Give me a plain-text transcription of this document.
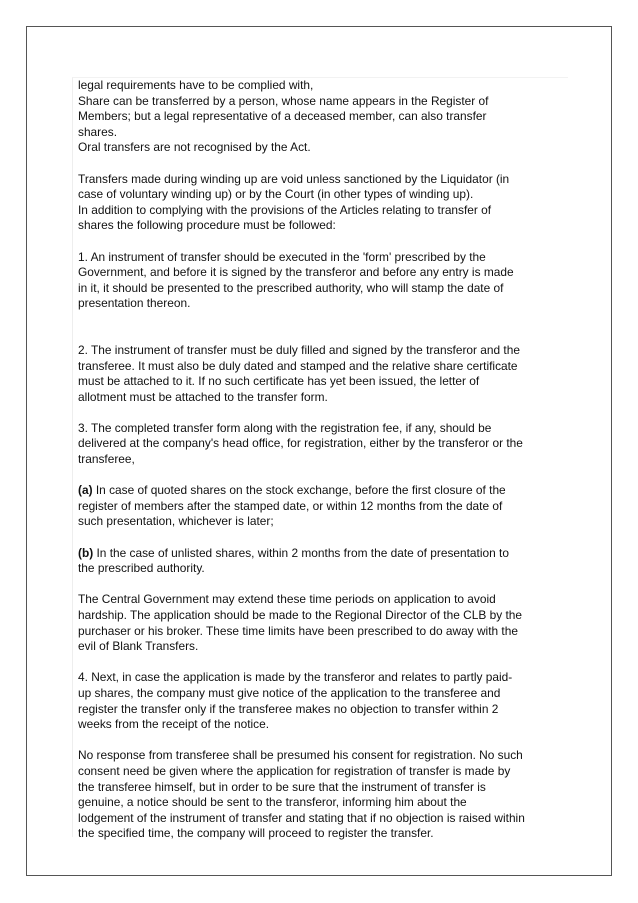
legal requirements have to be complied with,

Share can be transferred by a person, whose name appears in the Register of

Members; but a legal representative of a deceased member, can also transfer

shares.

Oral transfers are not recognised by the Act.

Transfers made during winding up are void unless sanctioned by the Liquidator (in

case of voluntary winding up) or by the Court (in other types of winding up).

In addition to complying with the provisions of the Articles relating to transfer of

shares the following procedure must be followed:

1. An instrument of transfer should be executed in the 'form' prescribed by the

Government, and before it is signed by the transferor and before any entry is made

in it, it should be presented to the prescribed authority, who will stamp the date of

presentation thereon.

2. The instrument of transfer must be duly filled and signed by the transferor and the

transferee. It must also be duly dated and stamped and the relative share certificate

must be attached to it. If no such certificate has yet been issued, the letter of

allotment must be attached to the transfer form.

3. The completed transfer form along with the registration fee, if any, should be

delivered at the company's head office, for registration, either by the transferor or the

transferee,

(a) In case of quoted shares on the stock exchange, before the first closure of the

register of members after the stamped date, or within 12 months from the date of

such presentation, whichever is later;

(b) In the case of unlisted shares, within 2 months from the date of presentation to

the prescribed authority.

The Central Government may extend these time periods on application to avoid

hardship. The application should be made to the Regional Director of the CLB by the

purchaser or his broker. These time limits have been prescribed to do away with the

evil of Blank Transfers.

4. Next, in case the application is made by the transferor and relates to partly paid-

up shares, the company must give notice of the application to the transferee and

register the transfer only if the transferee makes no objection to transfer within 2

weeks from the receipt of the notice.

No response from transferee shall be presumed his consent for registration. No such

consent need be given where the application for registration of transfer is made by

the transferee himself, but in order to be sure that the instrument of transfer is

genuine, a notice should be sent to the transferor, informing him about the

lodgement of the instrument of transfer and stating that if no objection is raised within

the specified time, the company will proceed to register the transfer.
